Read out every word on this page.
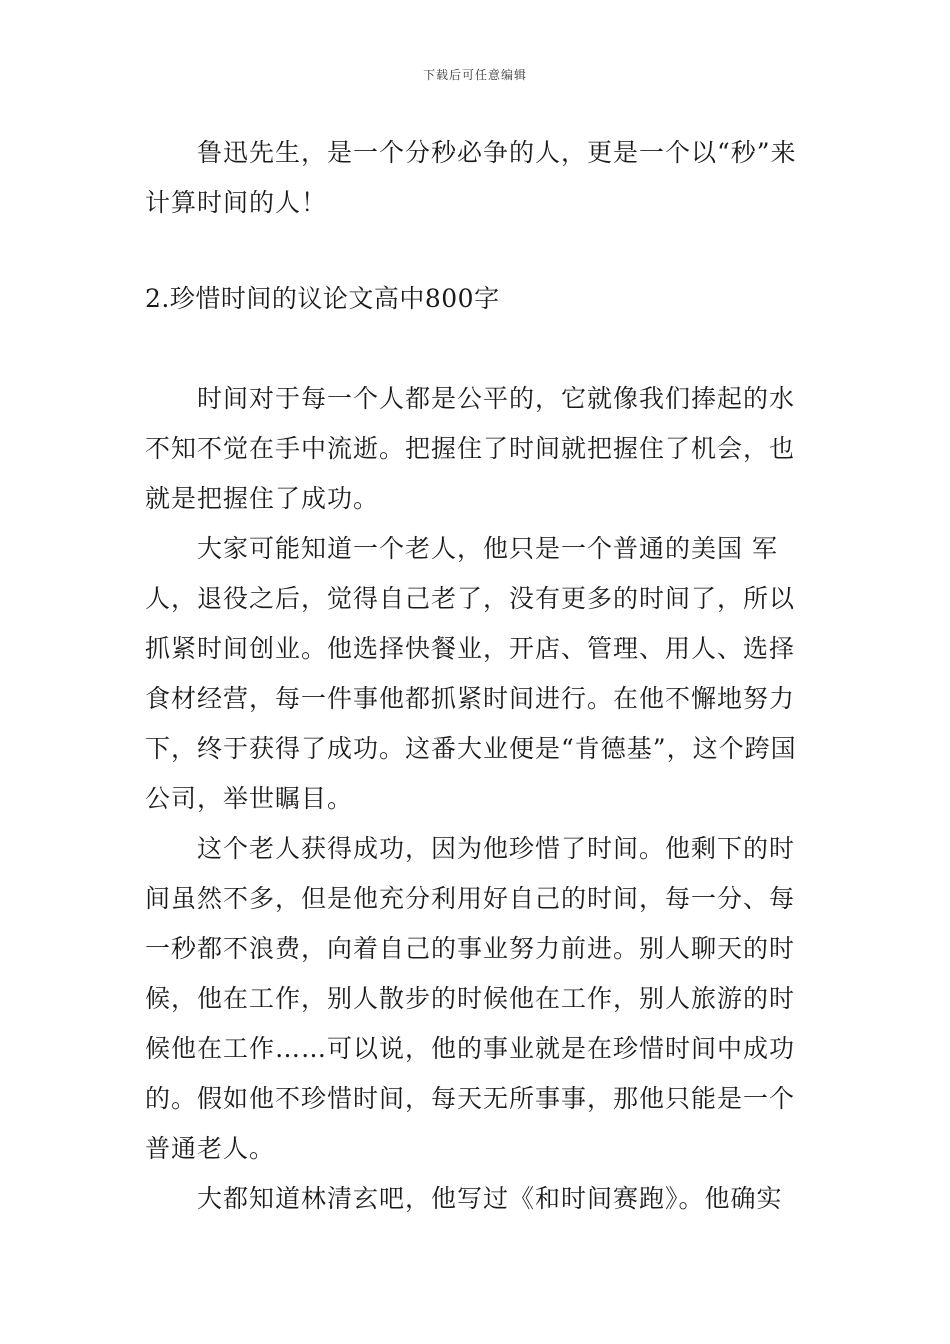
下载后可任意编辑

鲁迅先生，是一个分秒必争的人，更是一个以“秒”来计算时间的人！

2.珍惜时间的议论文高中800字

时间对于每一个人都是公平的，它就像我们捧起的水不知不觉在手中流逝。把握住了时间就把握住了机会，也就是把握住了成功。

大家可能知道一个老人，他只是一个普通的美国 军人，退役之后，觉得自己老了，没有更多的时间了，所以抓紧时间创业。他选择快餐业，开店、管理、用人、选择食材经营，每一件事他都抓紧时间进行。在他不懈地努力下，终于获得了成功。这番大业便是“肯德基”，这个跨国公司，举世瞩目。

这个老人获得成功，因为他珍惜了时间。他剩下的时间虽然不多，但是他充分利用好自己的时间，每一分、每一秒都不浪费，向着自己的事业努力前进。别人聊天的时候，他在工作，别人散步的时候他在工作，别人旅游的时候他在工作……可以说，他的事业就是在珍惜时间中成功的。假如他不珍惜时间，每天无所事事，那他只能是一个普通老人。

大都知道林清玄吧，他写过《和时间赛跑》。他确实
